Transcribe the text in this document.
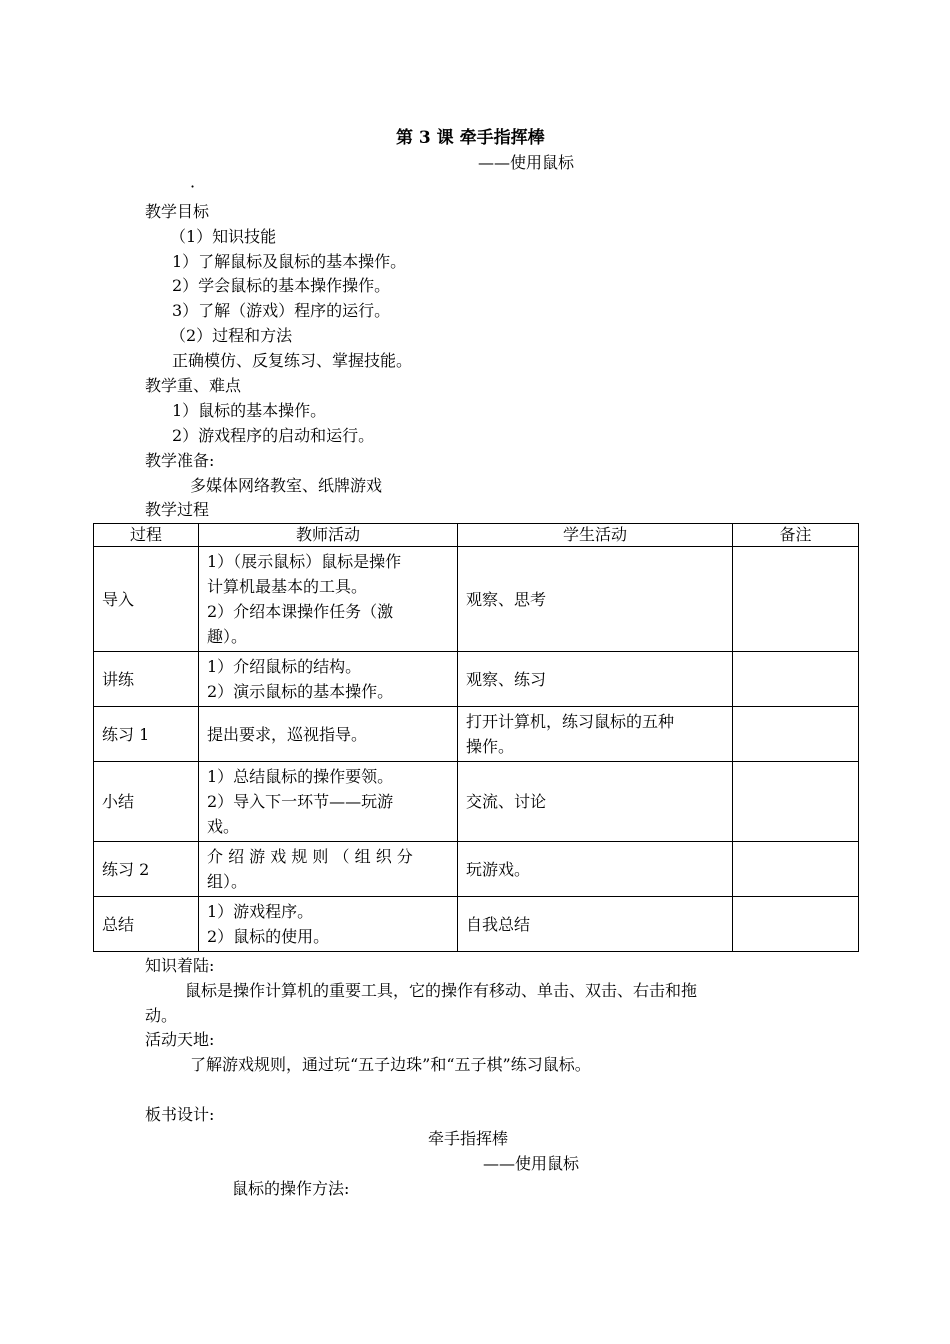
第 3 课 牵手指挥棒
——使用鼠标
·
教学目标
（1）知识技能
1）了解鼠标及鼠标的基本操作。
2）学会鼠标的基本操作操作。
3）了解（游戏）程序的运行。
（2）过程和方法
正确模仿、反复练习、掌握技能。
教学重、难点
1）鼠标的基本操作。
2）游戏程序的启动和运行。
教学准备:
多媒体网络教室、纸牌游戏
教学过程
过程	教师活动	学生活动	备注
导入	1）（展示鼠标）鼠标是操作
计算机最基本的工具。
2）介绍本课操作任务（激
趣）。	观察、思考	

讲练	1）介绍鼠标的结构。
2）演示鼠标的基本操作。	观察、练习	

练习 1	提出要求，巡视指导。	打开计算机，练习鼠标的五种
操作。	

小结	1）总结鼠标的操作要领。
2）导入下一环节——玩游
戏。	交流、讨论	

练习 2	介 绍 游 戏 规 则 （ 组 织 分
组）。	玩游戏。	

总结	1）游戏程序。
2）鼠标的使用。	自我总结	

知识着陆:
鼠标是操作计算机的重要工具，它的操作有移动、单击、双击、右击和拖
动。
活动天地:
了解游戏规则，通过玩“五子边珠”和“五子棋”练习鼠标。
板书设计:
牵手指挥棒
——使用鼠标
鼠标的操作方法:
